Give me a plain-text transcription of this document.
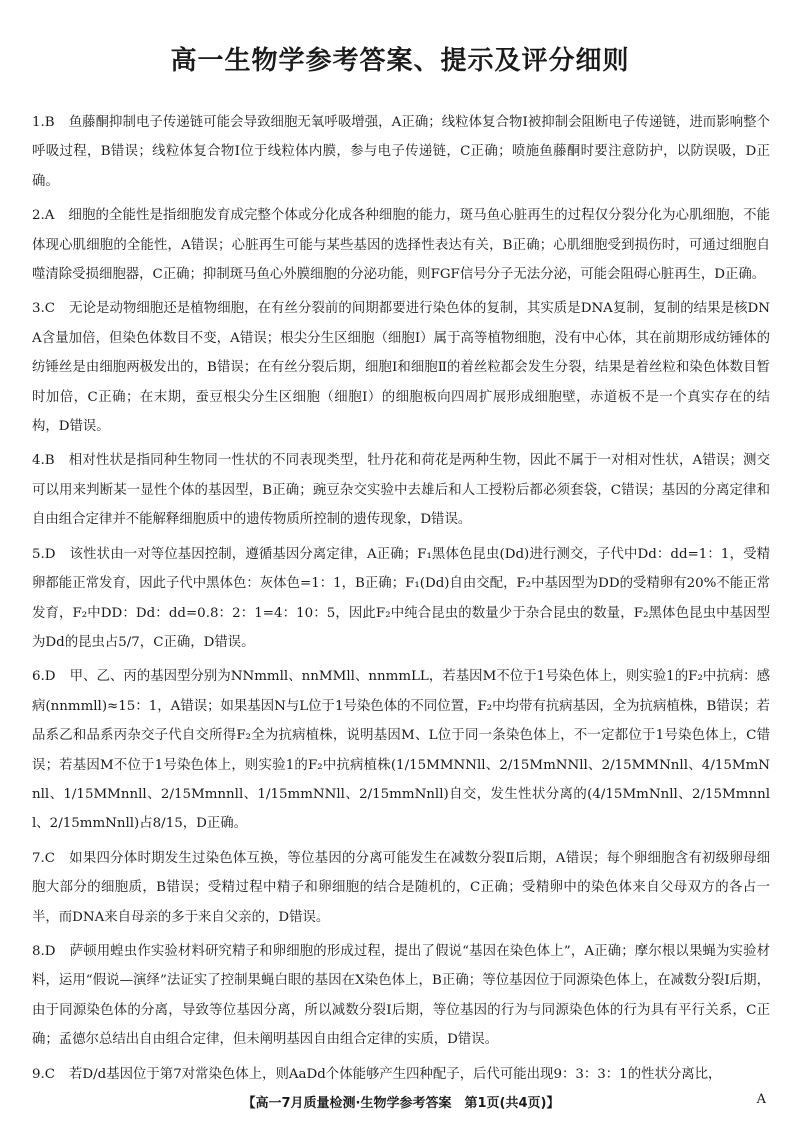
高一生物学参考答案、提示及评分细则
1.B 鱼藤酮抑制电子传递链可能会导致细胞无氧呼吸增强，A正确；线粒体复合物Ⅰ被抑制会阻断电子传递链，进而影响整个呼吸过程，B错误；线粒体复合物Ⅰ位于线粒体内膜，参与电子传递链，C正确；喷施鱼藤酮时要注意防护，以防误吸，D正确。
2.A 细胞的全能性是指细胞发育成完整个体或分化成各种细胞的能力，斑马鱼心脏再生的过程仅分裂分化为心肌细胞，不能体现心肌细胞的全能性，A错误；心脏再生可能与某些基因的选择性表达有关，B正确；心肌细胞受到损伤时，可通过细胞自噬清除受损细胞器，C正确；抑制斑马鱼心外膜细胞的分泌功能，则FGF信号分子无法分泌，可能会阻碍心脏再生，D正确。
3.C 无论是动物细胞还是植物细胞，在有丝分裂前的间期都要进行染色体的复制，其实质是DNA复制，复制的结果是核DNA含量加倍，但染色体数目不变，A错误；根尖分生区细胞（细胞Ⅰ）属于高等植物细胞，没有中心体，其在前期形成纺锤体的纺锤丝是由细胞两极发出的，B错误；在有丝分裂后期，细胞Ⅰ和细胞Ⅱ的着丝粒都会发生分裂，结果是着丝粒和染色体数目暂时加倍，C正确；在末期，蚕豆根尖分生区细胞（细胞Ⅰ）的细胞板向四周扩展形成细胞壁，赤道板不是一个真实存在的结构，D错误。
4.B 相对性状是指同种生物同一性状的不同表现类型，牡丹花和荷花是两种生物，因此不属于一对相对性状，A错误；测交可以用来判断某一显性个体的基因型，B正确；豌豆杂交实验中去雄后和人工授粉后都必须套袋，C错误；基因的分离定律和自由组合定律并不能解释细胞质中的遗传物质所控制的遗传现象，D错误。
5.D 该性状由一对等位基因控制，遵循基因分离定律，A正确；F₁黑体色昆虫(Dd)进行测交，子代中Dd：dd=1：1，受精卵都能正常发育，因此子代中黑体色：灰体色=1：1，B正确；F₁(Dd)自由交配，F₂中基因型为DD的受精卵有20%不能正常发育，F₂中DD：Dd：dd=0.8：2：1=4：10：5，因此F₂中纯合昆虫的数量少于杂合昆虫的数量，F₂黑体色昆虫中基因型为Dd的昆虫占5/7，C正确，D错误。
6.D 甲、乙、丙的基因型分别为NNmmll、nnMMll、nnmmLL，若基因M不位于1号染色体上，则实验1的F₂中抗病：感病(nnmmll)≈15：1，A错误；如果基因N与L位于1号染色体的不同位置，F₂中均带有抗病基因，全为抗病植株，B错误；若品系乙和品系丙杂交子代自交所得F₂全为抗病植株，说明基因M、L位于同一条染色体上，不一定都位于1号染色体上，C错误；若基因M不位于1号染色体上，则实验1的F₂中抗病植株(1/15MMNNll、2/15MmNNll、2/15MMNnll、4/15MmNnll、1/15MMnnll、2/15Mmnnll、1/15mmNNll、2/15mmNnll)自交，发生性状分离的(4/15MmNnll、2/15Mmnnll、2/15mmNnll)占8/15，D正确。
7.C 如果四分体时期发生过染色体互换，等位基因的分离可能发生在减数分裂Ⅱ后期，A错误；每个卵细胞含有初级卵母细胞大部分的细胞质，B错误；受精过程中精子和卵细胞的结合是随机的，C正确；受精卵中的染色体来自父母双方的各占一半，而DNA来自母亲的多于来自父亲的，D错误。
8.D 萨顿用蝗虫作实验材料研究精子和卵细胞的形成过程，提出了假说“基因在染色体上”，A正确；摩尔根以果蝇为实验材料，运用“假说—演绎”法证实了控制果蝇白眼的基因在X染色体上，B正确；等位基因位于同源染色体上，在减数分裂Ⅰ后期，由于同源染色体的分离，导致等位基因分离，所以减数分裂Ⅰ后期，等位基因的行为与同源染色体的行为具有平行关系，C正确；孟德尔总结出自由组合定律，但未阐明基因自由组合定律的实质，D错误。
9.C 若D/d基因位于第7对常染色体上，则AaDd个体能够产生四种配子，后代可能出现9：3：3：1的性状分离比，
【高一7月质量检测·生物学参考答案　第1页(共4页)】	A
